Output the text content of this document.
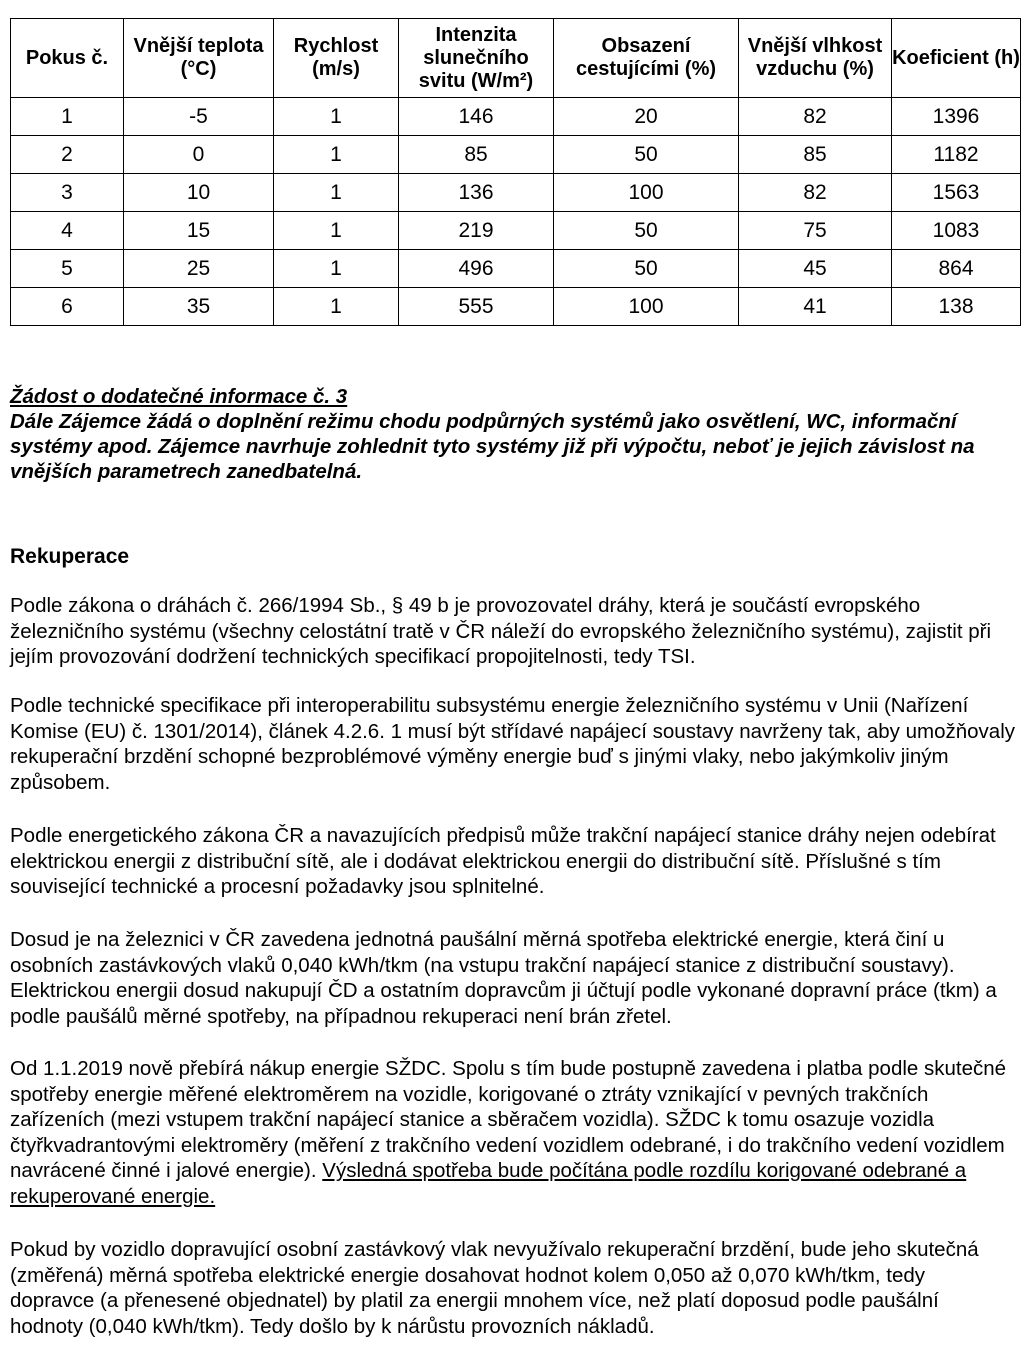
Pokus č.	Vnější teplota (°C)	Rychlost (m/s)	Intenzita slunečního svitu (W/m²)	Obsazení cestujícími (%)	Vnější vlhkost vzduchu (%)	Koeficient (h)
1	-5	1	146	20	82	1396
2	0	1	85	50	85	1182
3	10	1	136	100	82	1563
4	15	1	219	50	75	1083
5	25	1	496	50	45	864
6	35	1	555	100	41	138
Žádost o dodatečné informace č. 3
Dále Zájemce žádá o doplnění režimu chodu podpůrných systémů jako osvětlení, WC, informační systémy apod. Zájemce navrhuje zohlednit tyto systémy již při výpočtu, neboť je jejich závislost na vnějších parametrech zanedbatelná.
Rekuperace

Podle zákona o dráhách č. 266/1994 Sb., § 49 b je provozovatel dráhy, která je součástí evropského železničního systému (všechny celostátní tratě v ČR náleží do evropského železničního systému), zajistit při jejím provozování dodržení technických specifikací propojitelnosti, tedy TSI.

Podle technické specifikace při interoperabilitu subsystému energie železničního systému v Unii (Nařízení Komise (EU) č. 1301/2014), článek 4.2.6. 1 musí být střídavé napájecí soustavy navrženy tak, aby umožňovaly rekuperační brzdění schopné bezproblémové výměny energie buď s jinými vlaky, nebo jakýmkoliv jiným způsobem.

Podle energetického zákona ČR a navazujících předpisů může trakční napájecí stanice dráhy nejen odebírat elektrickou energii z distribuční sítě, ale i dodávat elektrickou energii do distribuční sítě. Příslušné s tím související technické a procesní požadavky jsou splnitelné.

Dosud je na železnici v ČR zavedena jednotná paušální měrná spotřeba elektrické energie, která činí u osobních zastávkových vlaků 0,040 kWh/tkm (na vstupu trakční napájecí stanice z distribuční soustavy). Elektrickou energii dosud nakupují ČD a ostatním dopravcům ji účtují podle vykonané dopravní práce (tkm) a podle paušálů měrné spotřeby, na případnou rekuperaci není brán zřetel.

Od 1.1.2019 nově přebírá nákup energie SŽDC. Spolu s tím bude postupně zavedena i platba podle skutečné spotřeby energie měřené elektroměrem na vozidle, korigované o ztráty vznikající v pevných trakčních zařízeních (mezi vstupem trakční napájecí stanice a sběračem vozidla). SŽDC k tomu osazuje vozidla čtyřkvadrantovými elektroměry (měření z trakčního vedení vozidlem odebrané, i do trakčního vedení vozidlem navrácené činné i jalové energie). Výsledná spotřeba bude počítána podle rozdílu korigované odebrané a rekuperované energie.

Pokud by vozidlo dopravující osobní zastávkový vlak nevyužívalo rekuperační brzdění, bude jeho skutečná (změřená) měrná spotřeba elektrické energie dosahovat hodnot kolem 0,050 až 0,070 kWh/tkm, tedy dopravce (a přenesené objednatel) by platil za energii mnohem více, než platí doposud podle paušální hodnoty (0,040 kWh/tkm). Tedy došlo by k nárůstu provozních nákladů.
